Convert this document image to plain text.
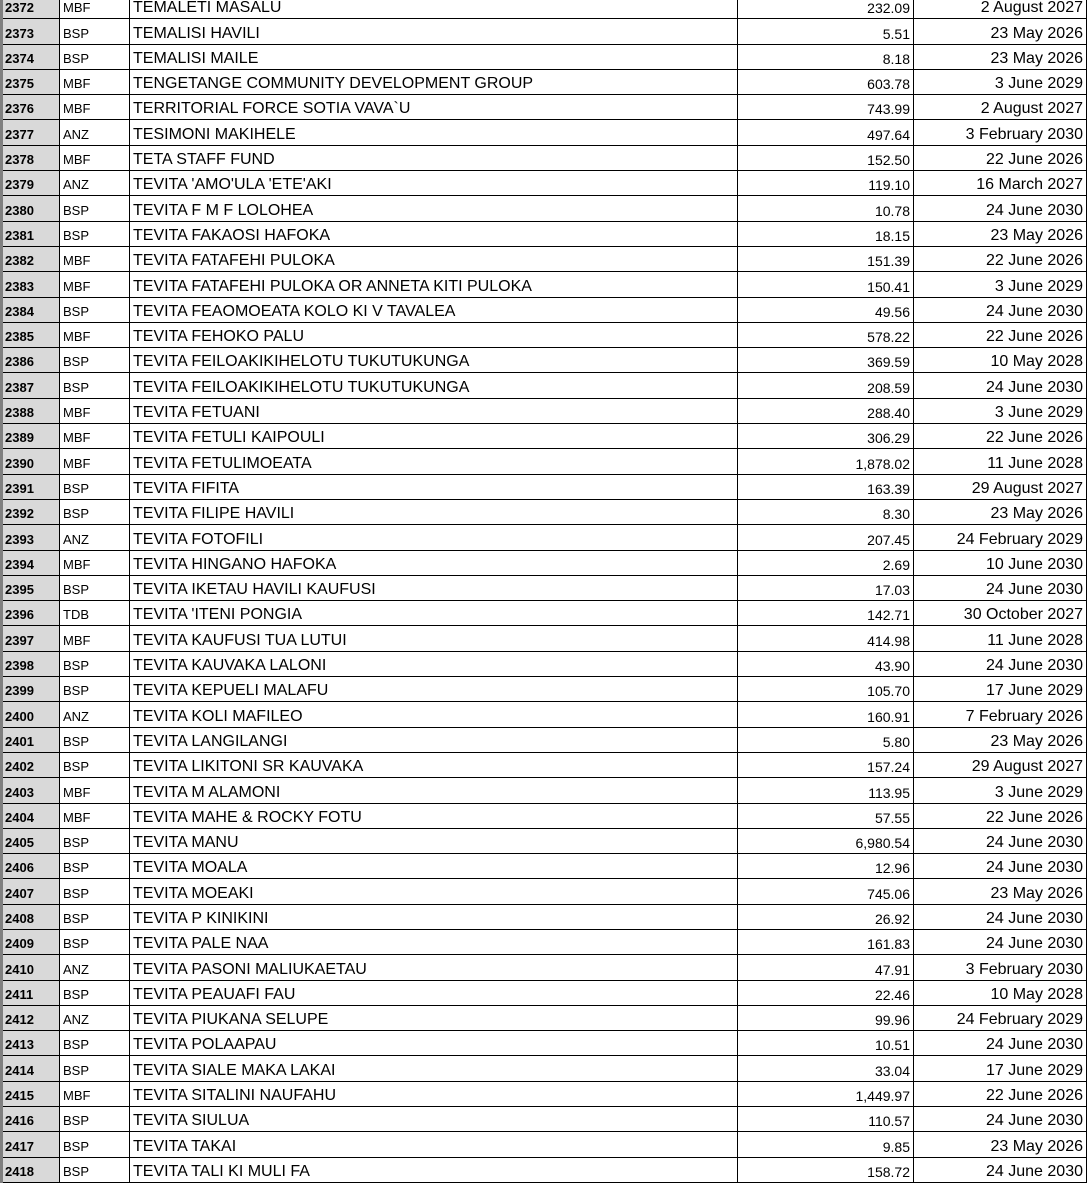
2372	MBF	TEMALETI MASALU	232.09	2 August 2027
2373	BSP	TEMALISI HAVILI	5.51	23 May 2026
2374	BSP	TEMALISI MAILE	8.18	23 May 2026
2375	MBF	TENGETANGE COMMUNITY DEVELOPMENT GROUP	603.78	3 June 2029
2376	MBF	TERRITORIAL FORCE SOTIA VAVA`U	743.99	2 August 2027
2377	ANZ	TESIMONI MAKIHELE	497.64	3 February 2030
2378	MBF	TETA STAFF FUND	152.50	22 June 2026
2379	ANZ	TEVITA 'AMO'ULA 'ETE'AKI	119.10	16 March 2027
2380	BSP	TEVITA F M F LOLOHEA	10.78	24 June 2030
2381	BSP	TEVITA FAKAOSI HAFOKA	18.15	23 May 2026
2382	MBF	TEVITA FATAFEHI PULOKA	151.39	22 June 2026
2383	MBF	TEVITA FATAFEHI PULOKA OR ANNETA KITI PULOKA	150.41	3 June 2029
2384	BSP	TEVITA FEAOMOEATA KOLO KI V TAVALEA	49.56	24 June 2030
2385	MBF	TEVITA FEHOKO PALU	578.22	22 June 2026
2386	BSP	TEVITA FEILOAKIKIHELOTU TUKUTUKUNGA	369.59	10 May 2028
2387	BSP	TEVITA FEILOAKIKIHELOTU TUKUTUKUNGA	208.59	24 June 2030
2388	MBF	TEVITA FETUANI	288.40	3 June 2029
2389	MBF	TEVITA FETULI KAIPOULI	306.29	22 June 2026
2390	MBF	TEVITA FETULIMOEATA	1,878.02	11 June 2028
2391	BSP	TEVITA FIFITA	163.39	29 August 2027
2392	BSP	TEVITA FILIPE HAVILI	8.30	23 May 2026
2393	ANZ	TEVITA FOTOFILI	207.45	24 February 2029
2394	MBF	TEVITA HINGANO HAFOKA	2.69	10 June 2030
2395	BSP	TEVITA IKETAU HAVILI KAUFUSI	17.03	24 June 2030
2396	TDB	TEVITA 'ITENI PONGIA	142.71	30 October 2027
2397	MBF	TEVITA KAUFUSI TUA LUTUI	414.98	11 June 2028
2398	BSP	TEVITA KAUVAKA LALONI	43.90	24 June 2030
2399	BSP	TEVITA KEPUELI MALAFU	105.70	17 June 2029
2400	ANZ	TEVITA KOLI MAFILEO	160.91	7 February 2026
2401	BSP	TEVITA LANGILANGI	5.80	23 May 2026
2402	BSP	TEVITA LIKITONI SR KAUVAKA	157.24	29 August 2027
2403	MBF	TEVITA M ALAMONI	113.95	3 June 2029
2404	MBF	TEVITA MAHE & ROCKY FOTU	57.55	22 June 2026
2405	BSP	TEVITA MANU	6,980.54	24 June 2030
2406	BSP	TEVITA MOALA	12.96	24 June 2030
2407	BSP	TEVITA MOEAKI	745.06	23 May 2026
2408	BSP	TEVITA P KINIKINI	26.92	24 June 2030
2409	BSP	TEVITA PALE NAA	161.83	24 June 2030
2410	ANZ	TEVITA PASONI MALIUKAETAU	47.91	3 February 2030
2411	BSP	TEVITA PEAUAFI FAU	22.46	10 May 2028
2412	ANZ	TEVITA PIUKANA SELUPE	99.96	24 February 2029
2413	BSP	TEVITA POLAAPAU	10.51	24 June 2030
2414	BSP	TEVITA SIALE MAKA LAKAI	33.04	17 June 2029
2415	MBF	TEVITA SITALINI NAUFAHU	1,449.97	22 June 2026
2416	BSP	TEVITA SIULUA	110.57	24 June 2030
2417	BSP	TEVITA TAKAI	9.85	23 May 2026
2418	BSP	TEVITA TALI KI MULI FA	158.72	24 June 2030
